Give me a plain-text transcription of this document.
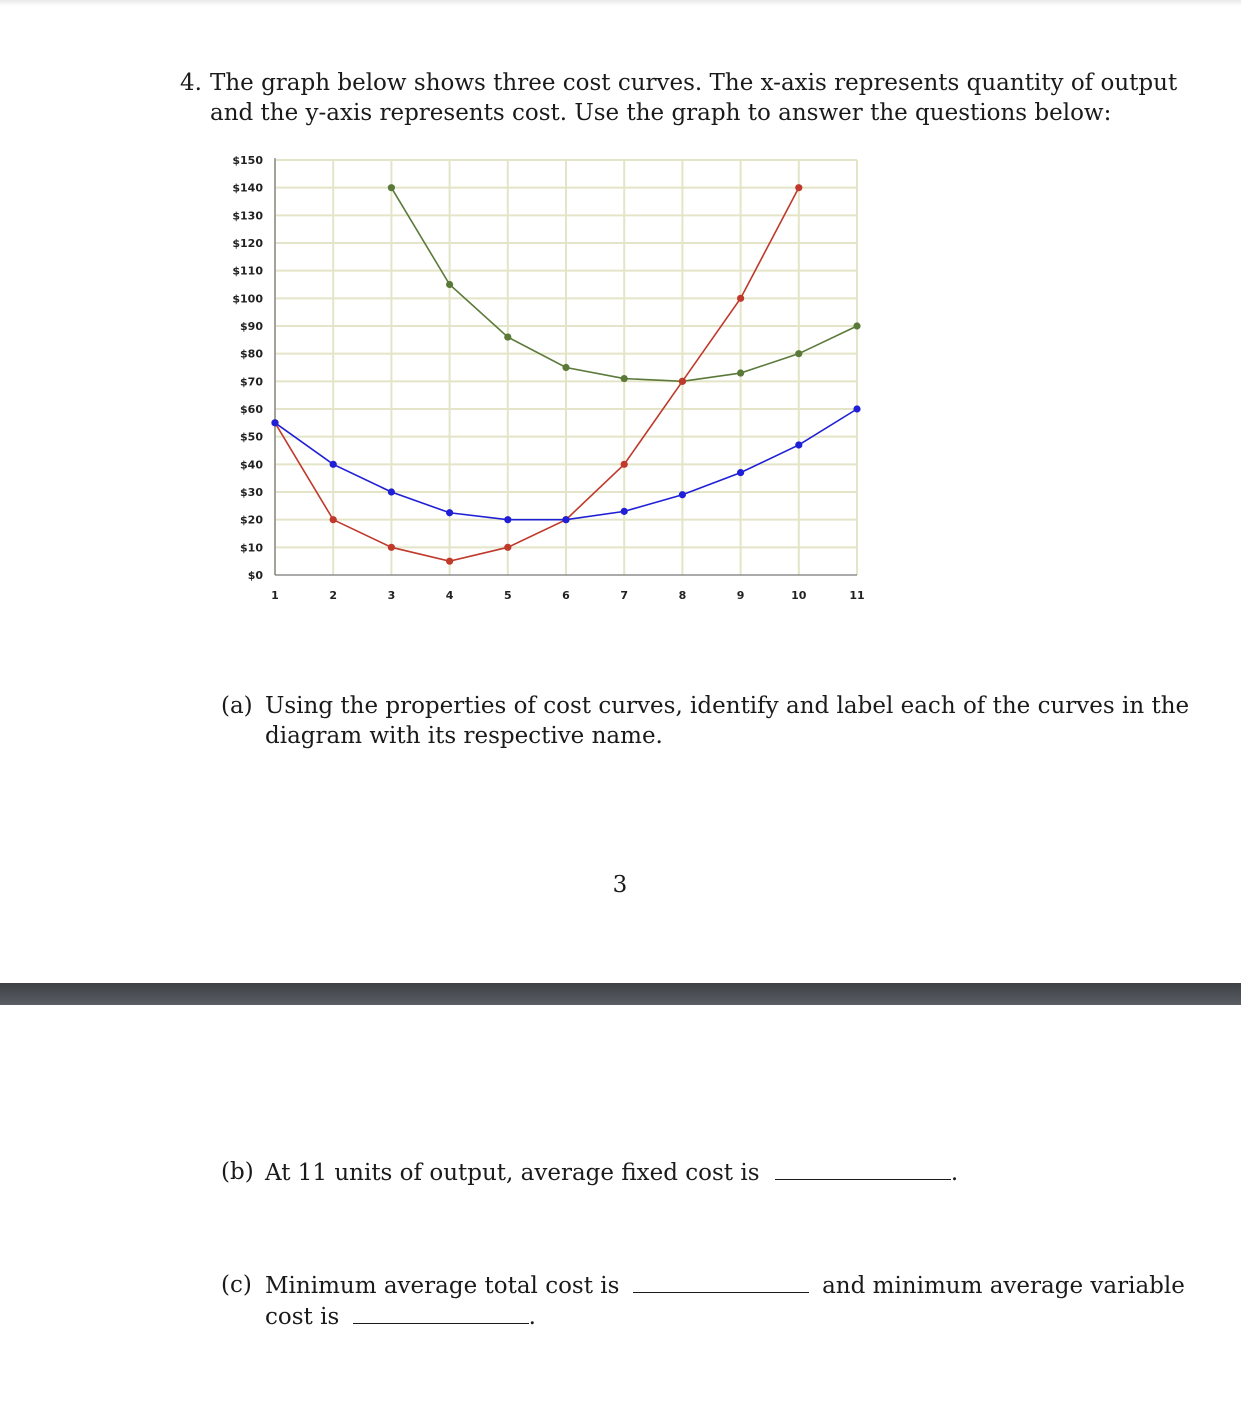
4. The graph below shows three cost curves. The x-axis represents quantity of output
and the y-axis represents cost. Use the graph to answer the questions below:
$0
$10
$20
$30
$40
$50
$60
$70
$80
$90
$100
$110
$120
$130
$140
$150
1	2	3	4	5	6	7	8	9	10	11
(a) Using the properties of cost curves, identify and label each of the curves in the
diagram with its respective name.
3
(b) At 11 units of output, average fixed cost is	.
(c) Minimum average total cost is	and minimum average variable
cost is	.
